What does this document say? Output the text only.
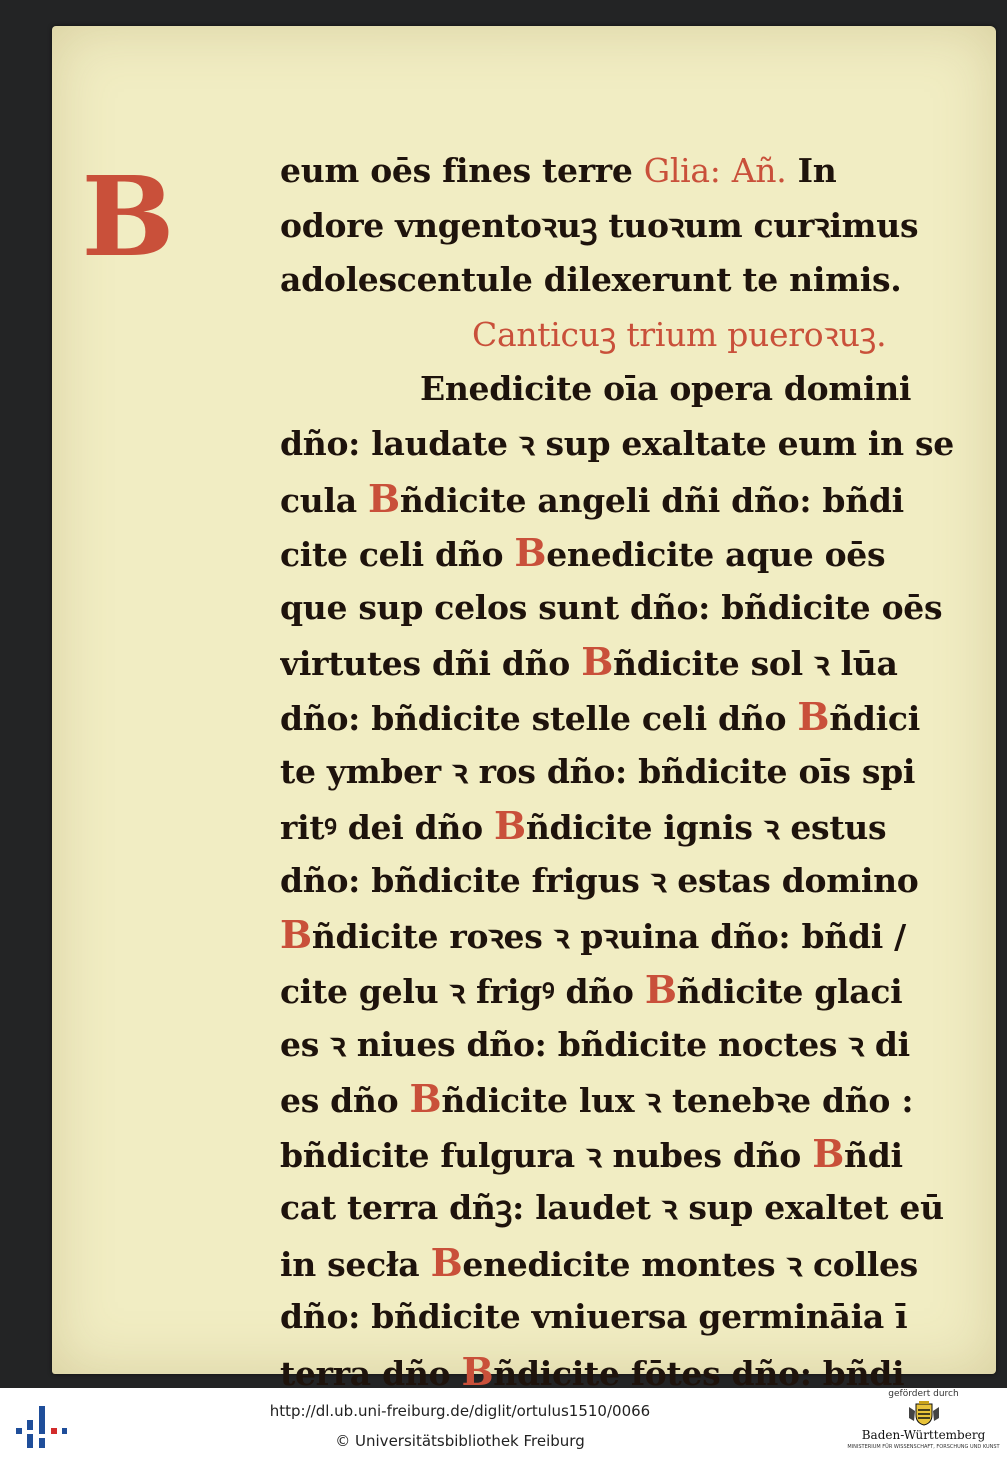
B	eum oēs fines terre Glia: Añ. In
odore vngentoꝛuꝫ tuoꝛum curꝛimus
adolescentule dilexerunt te nimis.
Canticuꝫ trium pueroꝛuꝫ.
Enedicite oīa opera domini
dño: laudate ꝛ sup exaltate eum in se
cula Bñdicite angeli dñi dño: bñdi
cite celi dño Benedicite aque oēs
que sup celos sunt dño: bñdicite oēs
virtutes dñi dño Bñdicite sol ꝛ lūa
dño: bñdicite stelle celi dño Bñdici
te ymber ꝛ ros dño: bñdicite oīs spi
ritꝰ dei dño Bñdicite ignis ꝛ estus
dño: bñdicite frigus ꝛ estas domino
Bñdicite roꝛes ꝛ pꝛuina dño: bñdi /
cite gelu ꝛ frigꝰ dño Bñdicite glaci
es ꝛ niues dño: bñdicite noctes ꝛ di
es dño Bñdicite lux ꝛ tenebꝛe dño :
bñdicite fulgura ꝛ nubes dño Bñdi
cat terra dñꝫ: laudet ꝛ sup exaltet eū
in secła Benedicite montes ꝛ colles
dño: bñdicite vniuersa germināia ī
terra dño Bñdicite fōtes dño: bñdi
http://dl.ub.uni-freiburg.de/diglit/ortulus1510/0066
© Universitätsbibliothek Freiburg
gefördert durch
Baden-Württemberg
MINISTERIUM FÜR WISSENSCHAFT, FORSCHUNG UND KUNST
